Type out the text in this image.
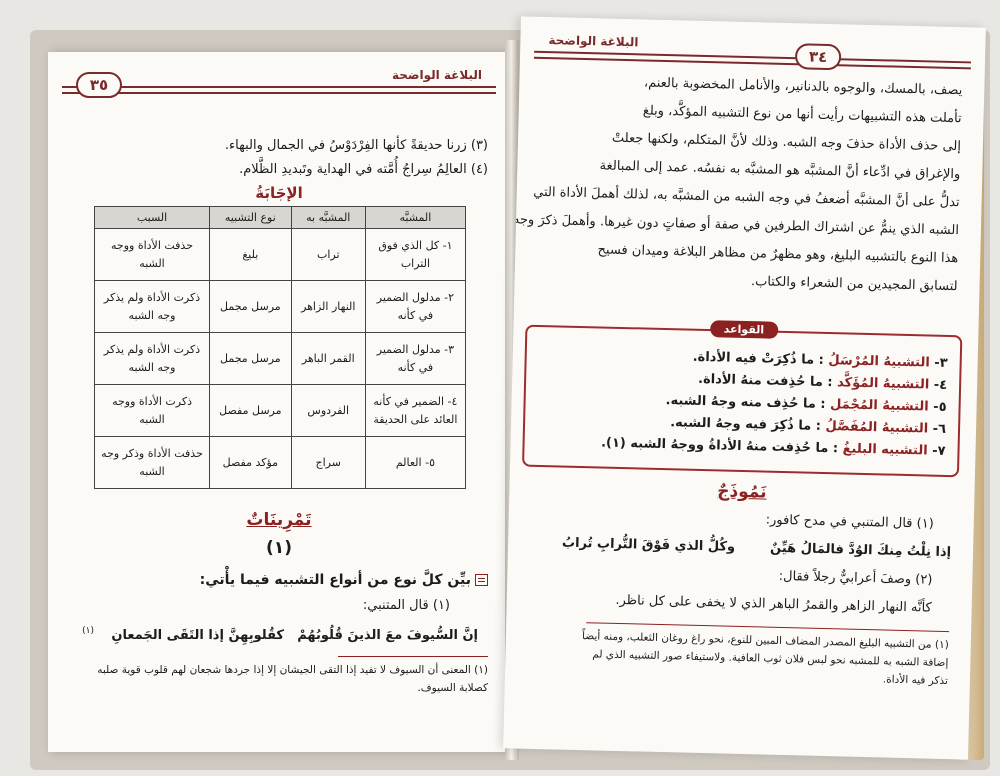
البلاغة الواضحة
٣٥
(٣) زرنا حديقةً كأنها الفِرْدَوْسُ في الجمال والبهاء.
(٤) العالِمُ سِراجُ أُمَّته في الهداية وتَبديدِ الظَّلام.
الإجَابَةُ
المشبَّه	المشبَّه به	نوع التشبيه	السبب
١- كل الذي فوق التراب	تراب	بليغ	حذفت الأداة ووجه الشبه
٢- مدلول الضمير في كأنه	النهار الزاهر	مرسل مجمل	ذكرت الأداة ولم يذكر وجه الشبه
٣- مدلول الضمير في كأنه	القمر الباهر	مرسل مجمل	ذكرت الأداة ولم يذكر وجه الشبه
٤- الضمير في كأنه العائد على الحديقة	الفردوس	مرسل مفصل	ذكرت الأداة ووجه الشبه
٥- العالم	سراج	مؤكد مفصل	حذفت الأداة وذكر وجه الشبه
تَمْرِينَاتٌ
(١)
بيِّن كلَّ نوع من أنواع التشبيه فيما يأْتي:
(١) قال المتنبي:
إنَّ السُّيوفَ معَ الذينَ قُلُوبُهُمْ
كقُلوبِهِنَّ إذا التَقَى الجَمعانِ
(١)
(١) المعنى أن السيوف لا تفيد إذا التقى الجيشان إلا إذا جردها شجعان لهم قلوب قوية صلبه كصلابة السيوف.
البلاغة الواضحة
٣٤
يصف، بالمسك، والوجوه بالدنانير، والأنامل المخضوبة بالعنم،
تأملت هذه التشبيهات رأيت أنها من نوع التشبيه المؤكَّد، وبلغ
إلى حذف الأداة حذفَ وجه الشبه. وذلك لأنَّ المتكلم، ولكنها جعلتْ
والإغراق في ادِّعاء أنَّ المشبَّه هو المشبَّه به نفسُه. عمد إلى المبالغة
تدلُّ على أنَّ المشبَّه أضعفُ في وجه الشبه من المشبَّه به، لذلك أهملَ الأداة التي
الشبه الذي ينمُّ عن اشتراك الطرفين في صفة أو صفاتٍ دون غيرها. وأهملَ ذكرَ وجه
هذا النوع بالتشبيه البليغ، وهو مظهرٌ من مظاهر البلاغة وميدان فسيح
لتسابق المجيدين من الشعراء والكتاب.
القواعد
٣- التشبيهُ المُرْسَلُ : ما ذُكِرَتْ فيه الأداة.
٤- التشبيهُ المُؤَكَّد : ما حُذِفت منهُ الأداة.
٥- التشبيهُ المُجْمَل : ما حُذِف منه وجهُ الشبه.
٦- التشبيهُ المُفَصَّلُ : ما ذُكِرَ فيه وجهُ الشبه.
٧- التشبيه البليغُ : ما حُذِفت منهُ الأداةُ ووجهُ الشبه (١).
نَمُوذَجٌ
(١) قال المتنبي في مدح كافور:
إذا نِلْتُ مِنكَ الوُدَّ فالمَالُ هَيِّنٌ
وكُلُّ الذي فَوْقَ التُّرابِ تُرابُ
(٢) وصفَ أعرابيٌّ رجلاً فقال:
كأنَّه النهار الزاهر والقمرُ الباهر الذي لا يخفى على كل ناظر.
(١) من التشبيه البليغ المصدر المضاف المبين للنوع، نحو راغ روغان الثعلب، ومنه أيضاً
إضافة الشبه به للمشبه نحو لبس فلان ثوب العافية. ولاستيفاء صور التشبيه الذي لم
تذكر فيه الأداة.
